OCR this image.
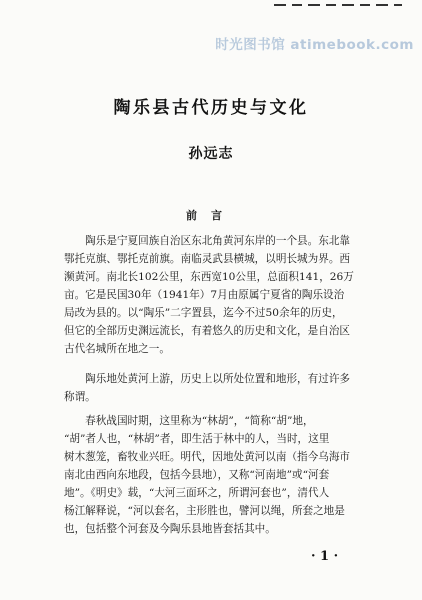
时光图书馆 atimebook.com
陶乐县古代历史与文化
孙远志
前言
　　陶乐是宁夏回族自治区东北角黄河东岸的一个县。东北靠
鄂托克旗、鄂托克前旗。南临灵武县横城，以明长城为界。西
濒黄河。南北长102公里，东西宽10公里，总面积141，26万
亩。它是民国30年（1941年）7月由原属宁夏省的陶乐设治
局改为县的。以“陶乐”二字置县，迄今不过50余年的历史，
但它的全部历史渊远流长，有着悠久的历史和文化，是自治区
古代名城所在地之一。
　　陶乐地处黄河上游，历史上以所处位置和地形，有过许多
称谓。
　　春秋战国时期，这里称为“林胡”，“简称“胡”地，
“胡”者人也，“林胡”者，即生活于林中的人，当时，这里
树木葱笼，畜牧业兴旺。明代，因地处黄河以南（指今乌海市
南北由西向东地段，包括今县地），又称“河南地”或“河套
地”。《明史》载，“大河三面环之，所谓河套也”，清代人
杨江解释说，“河以套名，主形胜也，譬河以绳，所套之地是
也，包括整个河套及今陶乐县地皆套括其中。
· 1 ·
